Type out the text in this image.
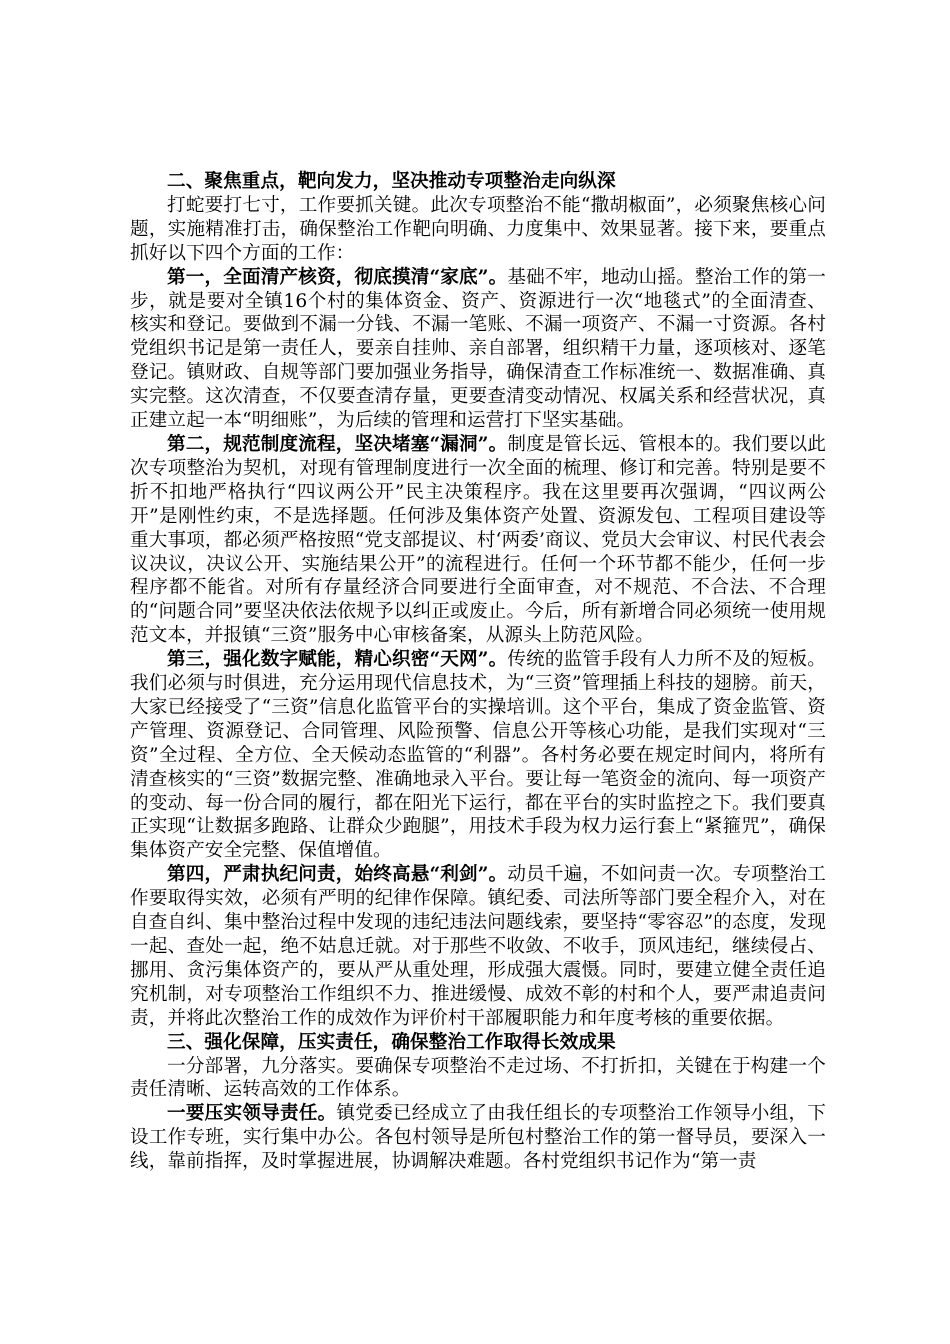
二、聚焦重点，靶向发力，坚决推动专项整治走向纵深

打蛇要打七寸，工作要抓关键。此次专项整治不能“撒胡椒面”，必须聚焦核心问题，实施精准打击，确保整治工作靶向明确、力度集中、效果显著。接下来，要重点抓好以下四个方面的工作：

第一，全面清产核资，彻底摸清“家底”。基础不牢，地动山摇。整治工作的第一步，就是要对全镇16个村的集体资金、资产、资源进行一次“地毯式”的全面清查、核实和登记。要做到不漏一分钱、不漏一笔账、不漏一项资产、不漏一寸资源。各村党组织书记是第一责任人，要亲自挂帅、亲自部署，组织精干力量，逐项核对、逐笔登记。镇财政、自规等部门要加强业务指导，确保清查工作标准统一、数据准确、真实完整。这次清查，不仅要查清存量，更要查清变动情况、权属关系和经营状况，真正建立起一本“明细账”，为后续的管理和运营打下坚实基础。

第二，规范制度流程，坚决堵塞“漏洞”。制度是管长远、管根本的。我们要以此次专项整治为契机，对现有管理制度进行一次全面的梳理、修订和完善。特别是要不折不扣地严格执行“四议两公开”民主决策程序。我在这里要再次强调，“四议两公开”是刚性约束，不是选择题。任何涉及集体资产处置、资源发包、工程项目建设等重大事项，都必须严格按照“党支部提议、村‘两委’商议、党员大会审议、村民代表会议决议，决议公开、实施结果公开”的流程进行。任何一个环节都不能少，任何一步程序都不能省。对所有存量经济合同要进行全面审查，对不规范、不合法、不合理的“问题合同”要坚决依法依规予以纠正或废止。今后，所有新增合同必须统一使用规范文本，并报镇“三资”服务中心审核备案，从源头上防范风险。

第三，强化数字赋能，精心织密“天网”。传统的监管手段有人力所不及的短板。我们必须与时俱进，充分运用现代信息技术，为“三资”管理插上科技的翅膀。前天，大家已经接受了“三资”信息化监管平台的实操培训。这个平台，集成了资金监管、资产管理、资源登记、合同管理、风险预警、信息公开等核心功能，是我们实现对“三资”全过程、全方位、全天候动态监管的“利器”。各村务必要在规定时间内，将所有清查核实的“三资”数据完整、准确地录入平台。要让每一笔资金的流向、每一项资产的变动、每一份合同的履行，都在阳光下运行，都在平台的实时监控之下。我们要真正实现“让数据多跑路、让群众少跑腿”，用技术手段为权力运行套上“紧箍咒”，确保集体资产安全完整、保值增值。

第四，严肃执纪问责，始终高悬“利剑”。动员千遍，不如问责一次。专项整治工作要取得实效，必须有严明的纪律作保障。镇纪委、司法所等部门要全程介入，对在自查自纠、集中整治过程中发现的违纪违法问题线索，要坚持“零容忍”的态度，发现一起、查处一起，绝不姑息迁就。对于那些不收敛、不收手，顶风违纪，继续侵占、挪用、贪污集体资产的，要从严从重处理，形成强大震慑。同时，要建立健全责任追究机制，对专项整治工作组织不力、推进缓慢、成效不彰的村和个人，要严肃追责问责，并将此次整治工作的成效作为评价村干部履职能力和年度考核的重要依据。

三、强化保障，压实责任，确保整治工作取得长效成果

一分部署，九分落实。要确保专项整治不走过场、不打折扣，关键在于构建一个责任清晰、运转高效的工作体系。

一要压实领导责任。镇党委已经成立了由我任组长的专项整治工作领导小组，下设工作专班，实行集中办公。各包村领导是所包村整治工作的第一督导员，要深入一线，靠前指挥，及时掌握进展，协调解决难题。各村党组织书记作为“第一责
